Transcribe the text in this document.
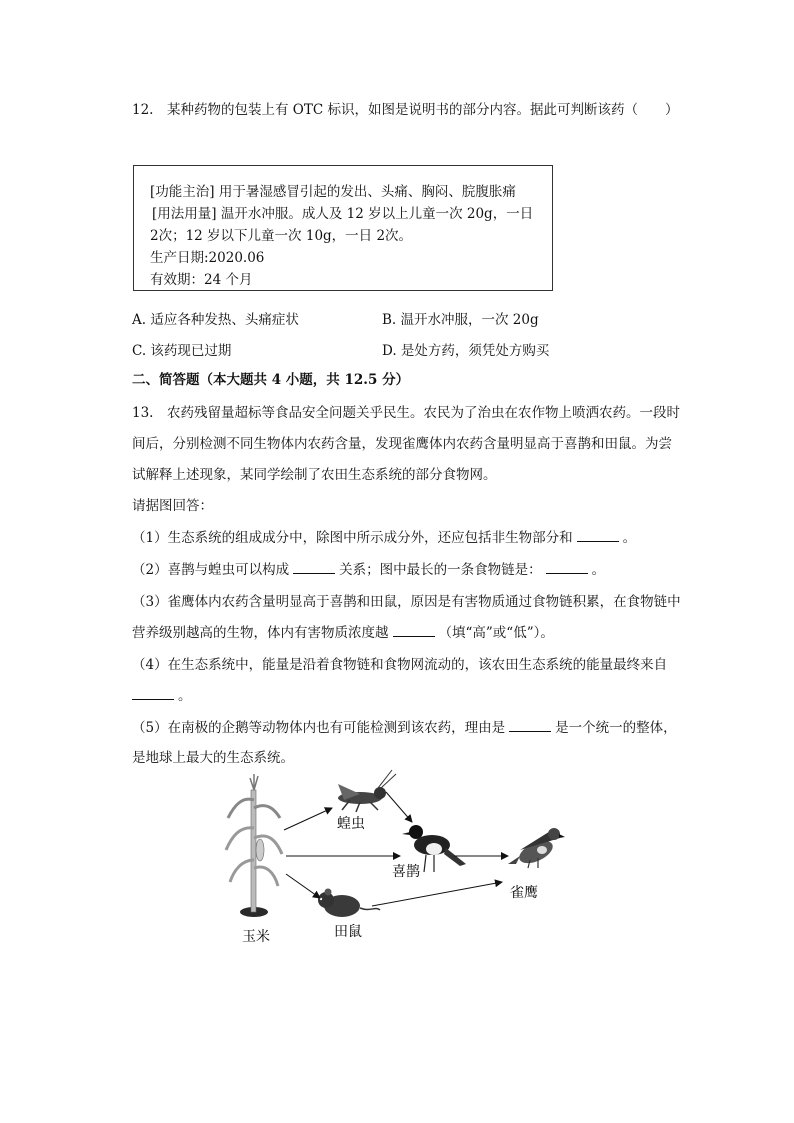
12.　某种药物的包装上有 OTC 标识，如图是说明书的部分内容。据此可判断该药（　　）
[功能主治] 用于暑湿感冒引起的发出、头痛、胸闷、脘腹胀痛
[用法用量] 温开水冲服。成人及 12 岁以上儿童一次 20g，一日
2次；12 岁以下儿童一次 10g，一日 2次。
生产日期:2020.06
有效期：24 个月
A. 适应各种发热、头痛症状	B. 温开水冲服，一次 20g
C. 该药现已过期	D. 是处方药，须凭处方购买
二、简答题（本大题共 4 小题，共 12.5 分）
13.　农药残留量超标等食品安全问题关乎民生。农民为了治虫在农作物上喷洒农药。一段时
间后，分别检测不同生物体内农药含量，发现雀鹰体内农药含量明显高于喜鹊和田鼠。为尝
试解释上述现象，某同学绘制了农田生态系统的部分食物网。
请据图回答：
（1）生态系统的组成成分中，除图中所示成分外，还应包括非生物部分和	。
（2）喜鹊与蝗虫可以构成	关系；图中最长的一条食物链是：	。
（3）雀鹰体内农药含量明显高于喜鹊和田鼠，原因是有害物质通过食物链积累，在食物链中
营养级别越高的生物，体内有害物质浓度越	（填“高”或“低”）。
（4）在生态系统中，能量是沿着食物链和食物网流动的，该农田生态系统的能量最终来自
。
（5）在南极的企鹅等动物体内也有可能检测到该农药，理由是	是一个统一的整体，
是地球上最大的生态系统。
玉米
蝗虫
喜鹊
雀鹰
田鼠
